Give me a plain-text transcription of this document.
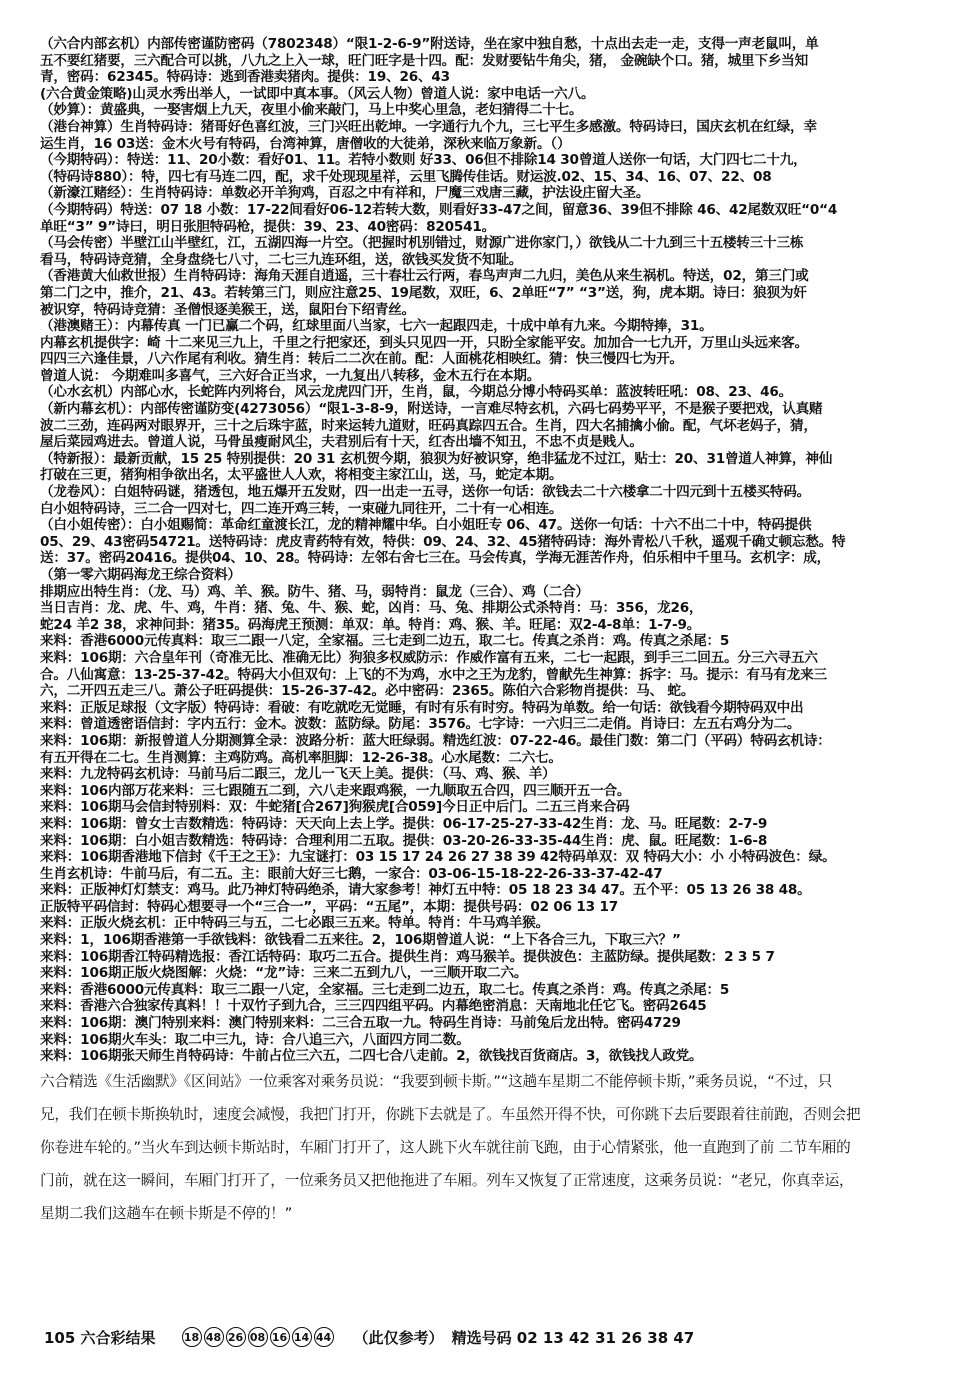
（六合内部玄机）内部传密谨防密码（7802348）“限1-2-6-9”附送诗，坐在家中独自愁，十点出去走一走，支得一声老鼠叫，单
五不要红猪要，三六配合可以挑，八九之上入一球，旺门旺字是十四。配：发财要钻牛角尖，猪， 金碗缺个口。猪，城里下乡当知
青，密码：62345。特码诗：逃到香港卖猪肉。提供：19、26、43
(六合黄金策略)山灵水秀出举人，一试即中真本事。（风云人物）曾道人说：家中电话一六八。
（妙算）：黄盛典，一娶害烟上九天，夜里小偷来敲门，马上中奖心里急，老妇猜得二十七。
（港台神算）生肖特码诗：猪哥好色喜红波，三门兴旺出乾坤。一字通行九个九，三七平生多感激。特码诗曰，国庆玄机在红绿，幸
运生肖，16 03送：金木火号有特码，台湾神算，唐僧收的大徒弟，深秋来临万象新。（）
（今期特码）：特送：11、20小数：看好01、11。若特小数则 好33、06但不排除14 30曾道人送你一句话，大门四七二十九，
（特码诗880）：特，四七有马连二四，配，求千处现现星祥，云里飞腾传佳话。财运波.02、15、34、16、07、22、08
（新濠江赌经）：生肖特码诗：单数必开羊狗鸡，百忍之中有祥和，尸魔三戏唐三藏，护法设庄留大圣。
（今期特码）特送：07 18 小数：17-22间看好06-12若转大数，则看好33-47之间，留意36、39但不排除 46、42尾数双旺“0“4
单旺“3” 9”诗曰，明日张胆特码枪，提供：39、23、40密码：820541。
（马会传密）半壁江山半壁红，江，五湖四海一片空。（把握时机别错过，财源广进你家门，）欲钱从二十九到三十五楼转三十三栋
看马，特码诗竞猜，全身盘绕七八寸，二七三九连环组，送，欲钱买发货不知耻。
（香港黄大仙救世报）生肖特码诗：海角天涯自逍遥，三十春壮云行两，春鸟声声二九归，美色从来生祸机。特送，02，第三门或
第二门之中，推介，21、43。若转第三门，则应注意25、19尾数，双旺，6、2单旺“7” “3”送，狗，虎本期。诗曰：狼狈为奸
被识穿，特码诗竞猜：圣僧恨逐美猴王，送，鼠阳台下绍青丝。
（港澳赌王）：内幕传真 一门已赢二个码，红球里面八当家，七六一起跟四走，十成中单有九来。今期特捧，31。
内幕玄机提供字：崎 十二来见三九上，千里之行把家还，到头只见四一开，只盼全家能平安。加加合一七九开，万里山头远来客。
四四三六逢佳景，八六作尾有利收。猜生肖：转后二二次在前。配：人面桃花相映红。猜：快三慢四七为开。
曾道人说： 今期难叫多喜气，三六好合正当求，一九复出八转移，金木五行在本期。
（心水玄机）内部心水，长蛇阵内列将台，风云龙虎四门开，生肖，鼠，今期总分博小特码买单：蓝波转旺吼：08、23、46。
（新内幕玄机）：内部传密谨防变(4273056）“限1-3-8-9，附送诗，一言难尽特玄机，六码七码势平平，不是猴子要把戏，认真赌
波二三劲，连码两对眼界开，三十之后珠宇蓝，时来运转九道财，旺码真踪四五合。生肖，四大名捕擒小偷。配，气坏老妈子，猜，
屋后菜园鸡进去。曾道人说，马骨虽瘦耐风尘，夫君别后有十天，红杏出墙不知丑，不忠不贞是贱人。
（特新报）：最新贡献，15 25 特别提供：20 31 玄机贺今期，狼狈为好被识穿，绝非猛龙不过江，贴士：20、31曾道人神算，神仙
打破在三更，猪狗相争欲出名，太平盛世人人欢，将相变主家江山，送，马，蛇定本期。
（龙卷风）：白姐特码谜，猪透包，地五爆开五发财，四一出走一五寻，送你一句话：欲钱去二十六楼拿二十四元到十五楼买特码。
白小姐特码诗，三二合一四对七，四二连开鸡三转，一束碰九同往开，二十有一心相连。
（白小姐传密）：白小姐赐简：革命红童渡长江，龙的精神耀中华。白小姐旺专 06、47。送你一句话：十六不出二十中，特码提供
05、29、43密码54721。送特码诗：虎皮青药特有效，特供：09、24、32、45猪特码诗：海外青松八千秋，遥观千确丈顿忘愁。特
送：37。密码20416。提供04、10、28。特码诗：左邻右舍七三在。马会传真，学海无涯苦作舟，伯乐相中千里马。玄机字：成，
（第一零六期码海龙王综合资料）
排期应出特生肖：（龙、马）鸡、羊、猴。防牛、猪、马，弱特肖：鼠龙（三合）、鸡（二合）
当日吉肖：龙、虎、牛、鸡，牛肖：猪、兔、牛、猴、蛇，凶肖：马、兔、排期公式杀特肖：马：356，龙26，
蛇24 羊2 38，求神问卦：猪35。码海虎王预测：单双：单。特肖：鸡、猴、羊。旺尾：双2-4-8单：1-7-9。
来料：香港6000元传真料：取三二跟一八定，全家福。三七走到二边五，取二七。传真之杀肖：鸡。传真之杀尾：5
来料：106期：六合皇年刊（奇准无比、准确无比）狗狼多权威防示：作威作富有五来，二七一起跟，到手三二回五。分三六寻五六
合。八仙寓意：13-25-37-42。特码大小但双句：上飞的不为鸡，水中之王为龙豹，曾献先生神算：拆字：马。提示：有马有龙来三
六，二开四五走三八。萧公子旺码提供：15-26-37-42。必中密码：2365。陈伯六合彩物肖提供：马、 蛇。
来料：正版足球报（文字版）特码诗：看破：有吃就吃无觉睡，有时有乐有时穷。特码为单数。给一句话：欲钱看今期特码双中出
来料：曾道透密语信封：字内五行：金木。波数：蓝防绿。防尾：3576。七字诗：一六归三二走俏。肖诗曰：左五右鸡分为二。
来料：106期：新报曾道人分期测算全录：波路分析：蓝大旺绿弱。精选红波：07-22-46。最佳门数：第二门（平码）特码玄机诗：
有五开得在二七。生肖测算：主鸡防鸡。高机率胆脚：12-26-38。心水尾数：二六七。
来料：九龙特码玄机诗：马前马后二跟三，龙儿一飞天上美。提供：（马、鸡、猴、羊）
来料：106内部万花来料：三七跟随五二到，六八走来跟鸡猴，一九顺取五合四，四三顺开五一合。
来料：106期马会信封特别料：双：牛蛇猪[合267]狗猴虎[合059]今日正中后门。二五三肖来合码
来料：106期：曾女士吉数精选：特码诗：天天向上去上学。提供：06-17-25-27-33-42生肖：龙、马。旺尾数：2-7-9
来料：106期：白小姐吉数精选：特码诗：合理利用二五取。提供：03-20-26-33-35-44生肖：虎、鼠。旺尾数：1-6-8
来料：106期香港地下信封《千王之王》：九宝谜打：03 15 17 24 26 27 38 39 42特码单双：双 特码大小：小 小特码波色：绿。
生肖玄机诗：牛前马后，有二五。主：眼前大好三七鹅，一家合：03-06-15-18-22-26-33-37-42-47
来料：正版神灯灯禁支：鸡马。此乃神灯特码绝杀，请大家参考！神灯五中特：05 18 23 34 47。五个平：05 13 26 38 48。
正版特平码信封：特码心想要寻一个“三合一”，平码：“五尾”，本期：提供号码：02 06 13 17
来料：正版火烧玄机：正中特码三与五，二七必跟三五来。特单。特肖：牛马鸡羊猴。
来料：1，106期香港第一手欲钱料：欲钱看二五来往。2，106期曾道人说：“上下各合三九，下取三六？”
来料：106期香江特码精选报：香江话特码：取巧二五合。提供生肖：鸡马猴羊。提供波色：主蓝防绿。提供尾数：2 3 5 7
来料：106期正版火烧图解：火烧：“龙”诗：三来二五到九八，一三顺开取二六。
来料：香港6000元传真料：取三二跟一八定，全家福。三七走到二边五，取二七。传真之杀肖：鸡。传真之杀尾：5
来料：香港六合独家传真料！！十双竹子到九合，三三四四组平码。内幕绝密消息：天南地北任它飞。密码2645
来料：106期：澳门特别来料：澳门特别来料：二三合五取一九。特码生肖诗：马前兔后龙出特。密码4729
来料：106期火车头：取二中三九，诗：合八追三六，八面四方同二数。
来料：106期张天师生肖特码诗：牛前占位三六五，二四七合八走前。2，欲钱找百货商店。3，欲钱找人政党。
六合精选《生活幽默》《区间站》一位乘客对乘务员说：“我要到顿卡斯。”“这趟车星期二不能停顿卡斯，”乘务员说，“不过，只
兄，我们在顿卡斯换轨时，速度会减慢，我把门打开，你跳下去就是了。车虽然开得不快，可你跳下去后要跟着往前跑，否则会把
你卷进车轮的。”当火车到达顿卡斯站时，车厢门打开了，这人跳下火车就往前飞跑，由于心情紧张，他一直跑到了前 二节车厢的
门前，就在这一瞬间，车厢门打开了，一位乘务员又把他拖进了车厢。列车又恢复了正常速度，这乘务员说：“老兄，你真幸运，
星期二我们这趟车在顿卡斯是不停的！”
105 六合彩结果	18 48 26 08 16 14 44 （此仅参考） 精选号码 02 13 42 31 26 38 47
